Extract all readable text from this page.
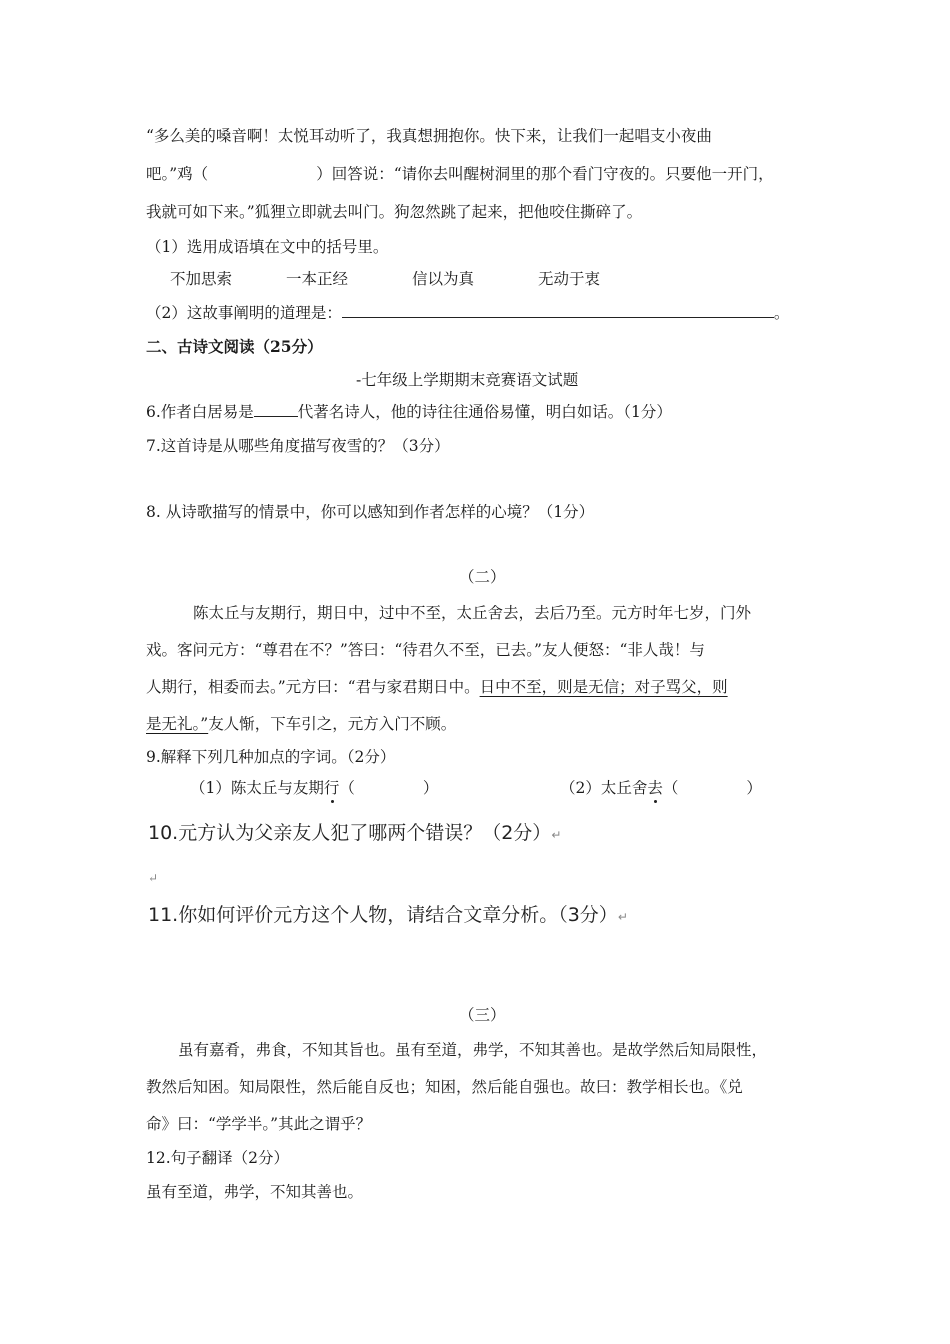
“多么美的嗓音啊！太悦耳动听了，我真想拥抱你。快下来，让我们一起唱支小夜曲
吧。”鸡（	）回答说：“请你去叫醒树洞里的那个看门守夜的。只要他一开门，
我就可如下来。”狐狸立即就去叫门。狗忽然跳了起来，把他咬住撕碎了。
（1）选用成语填在文中的括号里。
不加思索	一本正经	信以为真	无动于衷
（2）这故事阐明的道理是：	。
二、古诗文阅读（25分）
-七年级上学期期末竞赛语文试题
6.作者白居易是	代著名诗人，他的诗往往通俗易懂，明白如话。（1分）
7.这首诗是从哪些角度描写夜雪的？（3分）
8. 从诗歌描写的情景中，你可以感知到作者怎样的心境？（1分）
（二）
陈太丘与友期行，期日中，过中不至，太丘舍去，去后乃至。元方时年七岁，门外
戏。客问元方：“尊君在不？”答曰：“待君久不至，已去。”友人便怒：“非人哉！与
人期行，相委而去。”元方曰：“君与家君期日中。日中不至，则是无信；对子骂父，则
是无礼。”友人惭，下车引之，元方入门不顾。
9.解释下列几种加点的字词。（2分）
（1）陈太丘与友期行（	）	（2）太丘舍去（	）
10.元方认为父亲友人犯了哪两个错误？（2分）↵
↵
11.你如何评价元方这个人物，请结合文章分析。（3分）↵
（三）
虽有嘉肴，弗食，不知其旨也。虽有至道，弗学，不知其善也。是故学然后知局限性，
教然后知困。知局限性，然后能自反也；知困，然后能自强也。故曰：教学相长也。《兑
命》曰：“学学半。”其此之谓乎？
12.句子翻译（2分）
虽有至道，弗学，不知其善也。
